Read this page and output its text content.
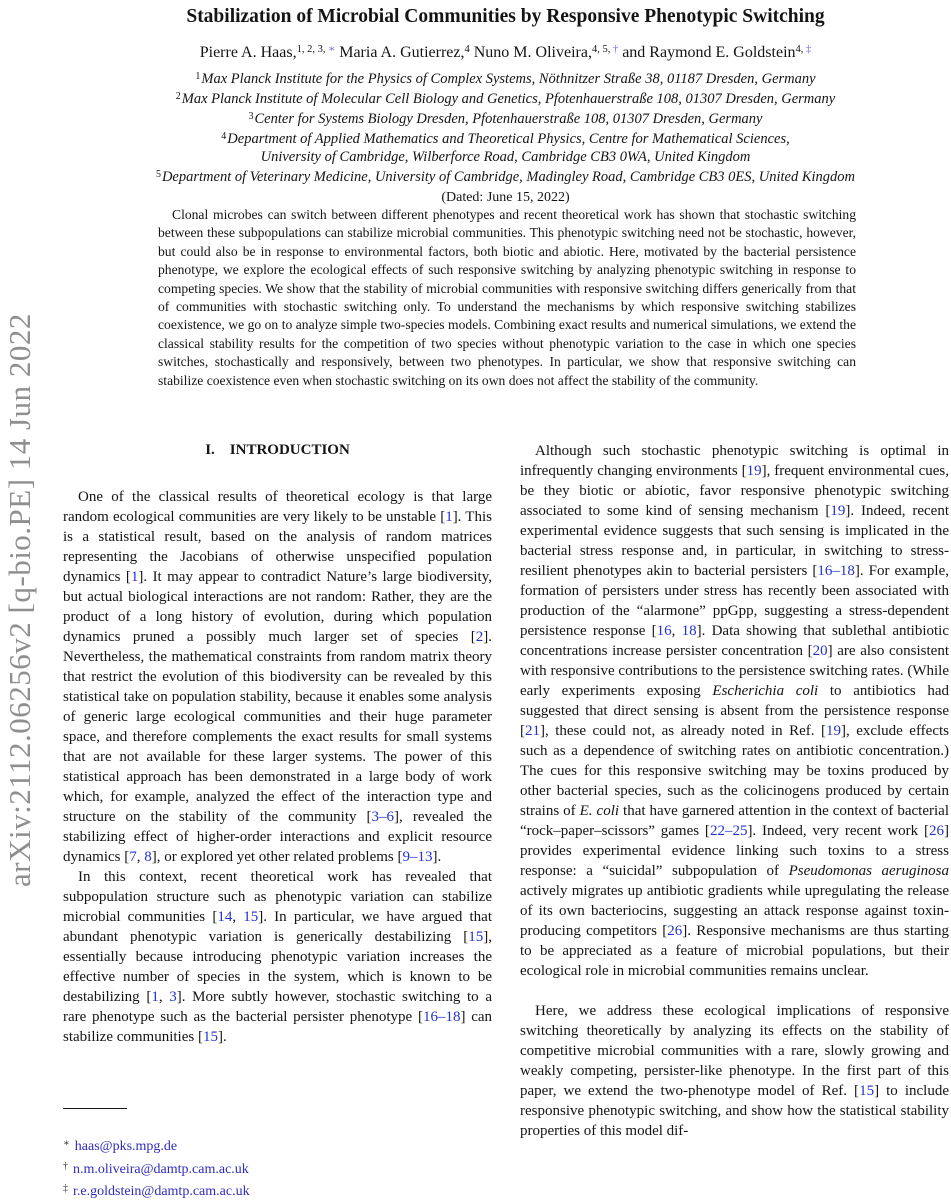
arXiv:2112.06256v2 [q-bio.PE] 14 Jun 2022
Stabilization of Microbial Communities by Responsive Phenotypic Switching
Pierre A. Haas,$^{1, 2, 3,}$ ∗ Maria A. Gutierrez,$^4$ Nuno M. Oliveira,$^{4, 5,}$ † and Raymond E. Goldstein$^{4,}$ ‡
$^1$Max Planck Institute for the Physics of Complex Systems, Nöthnitzer Straße 38, 01187 Dresden, Germany
$^2$Max Planck Institute of Molecular Cell Biology and Genetics, Pfotenhauerstraße 108, 01307 Dresden, Germany
$^3$Center for Systems Biology Dresden, Pfotenhauerstraße 108, 01307 Dresden, Germany
$^4$Department of Applied Mathematics and Theoretical Physics, Centre for Mathematical Sciences,
University of Cambridge, Wilberforce Road, Cambridge CB3 0WA, United Kingdom
$^5$Department of Veterinary Medicine, University of Cambridge, Madingley Road, Cambridge CB3 0ES, United Kingdom
(Dated: June 15, 2022)
Clonal microbes can switch between different phenotypes and recent theoretical work has shown that stochastic switching between these subpopulations can stabilize microbial communities. This phenotypic switching need not be stochastic, however, but could also be in response to environmental factors, both biotic and abiotic. Here, motivated by the bacterial persistence phenotype, we explore the ecological effects of such responsive switching by analyzing phenotypic switching in response to competing species. We show that the stability of microbial communities with responsive switching differs generically from that of communities with stochastic switching only. To understand the mechanisms by which responsive switching stabilizes coexistence, we go on to analyze simple two-species models. Combining exact results and numerical simulations, we extend the classical stability results for the competition of two species without phenotypic variation to the case in which one species switches, stochastically and responsively, between two phenotypes. In particular, we show that responsive switching can stabilize coexistence even when stochastic switching on its own does not affect the stability of the community.
I. INTRODUCTION

One of the classical results of theoretical ecology is that large random ecological communities are very likely to be unstable [1]. This is a statistical result, based on the analysis of random matrices representing the Jacobians of otherwise unspecified population dynamics [1]. It may appear to contradict Nature’s large biodiversity, but actual biological interactions are not random: Rather, they are the product of a long history of evolution, during which population dynamics pruned a possibly much larger set of species [2]. Nevertheless, the mathematical constraints from random matrix theory that restrict the evolution of this biodiversity can be revealed by this statistical take on population stability, because it enables some analysis of generic large ecological communities and their huge parameter space, and therefore complements the exact results for small systems that are not available for these larger systems. The power of this statistical approach has been demonstrated in a large body of work which, for example, analyzed the effect of the interaction type and structure on the stability of the community [3–6], revealed the stabilizing effect of higher-order interactions and explicit resource dynamics [7, 8], or explored yet other related problems [9–13].

In this context, recent theoretical work has revealed that subpopulation structure such as phenotypic variation can stabilize microbial communities [14, 15]. In particular, we have argued that abundant phenotypic variation is generically destabilizing [15], essentially because introducing phenotypic variation increases the effective number of species in the system, which is known to be destabilizing [1, 3]. More subtly however, stochastic switching to a rare phenotype such as the bacterial persister phenotype [16–18] can stabilize communities [15].

Although such stochastic phenotypic switching is optimal in infrequently changing environments [19], frequent environmental cues, be they biotic or abiotic, favor responsive phenotypic switching associated to some kind of sensing mechanism [19]. Indeed, recent experimental evidence suggests that such sensing is implicated in the bacterial stress response and, in particular, in switching to stress-resilient phenotypes akin to bacterial persisters [16–18]. For example, formation of persisters under stress has recently been associated with production of the “alarmone” ppGpp, suggesting a stress-dependent persistence response [16, 18]. Data showing that sublethal antibiotic concentrations increase persister concentration [20] are also consistent with responsive contributions to the persistence switching rates. (While early experiments exposing Escherichia coli to antibiotics had suggested that direct sensing is absent from the persistence response [21], these could not, as already noted in Ref. [19], exclude effects such as a dependence of switching rates on antibiotic concentration.) The cues for this responsive switching may be toxins produced by other bacterial species, such as the colicinogens produced by certain strains of E. coli that have garnered attention in the context of bacterial “rock–paper–scissors” games [22–25]. Indeed, very recent work [26] provides experimental evidence linking such toxins to a stress response: a “suicidal” subpopulation of Pseudomonas aeruginosa actively migrates up antibiotic gradients while upregulating the release of its own bacteriocins, suggesting an attack response against toxin-producing competitors [26]. Responsive mechanisms are thus starting to be appreciated as a feature of microbial populations, but their ecological role in microbial communities remains unclear.

Here, we address these ecological implications of responsive switching theoretically by analyzing its effects on the stability of competitive microbial communities with a rare, slowly growing and weakly competing, persister-like phenotype. In the first part of this paper, we extend the two-phenotype model of Ref. [15] to include responsive phenotypic switching, and show how the statistical stability properties of this model dif-

∗ haas@pks.mpg.de
† n.m.oliveira@damtp.cam.ac.uk
‡ r.e.goldstein@damtp.cam.ac.uk
